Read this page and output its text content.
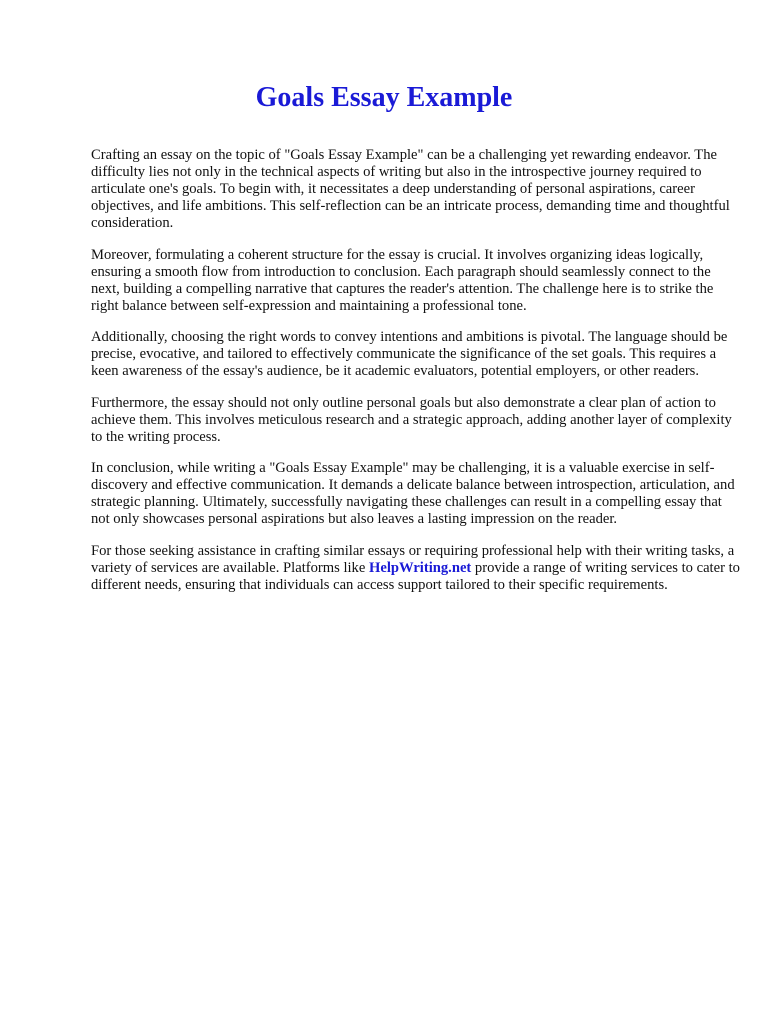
Goals Essay Example

Crafting an essay on the topic of "Goals Essay Example" can be a challenging yet rewarding endeavor. The difficulty lies not only in the technical aspects of writing but also in the introspective journey required to articulate one's goals. To begin with, it necessitates a deep understanding of personal aspirations, career objectives, and life ambitions. This self-reflection can be an intricate process, demanding time and thoughtful consideration.

Moreover, formulating a coherent structure for the essay is crucial. It involves organizing ideas logically, ensuring a smooth flow from introduction to conclusion. Each paragraph should seamlessly connect to the next, building a compelling narrative that captures the reader's attention. The challenge here is to strike the right balance between self-expression and maintaining a professional tone.

Additionally, choosing the right words to convey intentions and ambitions is pivotal. The language should be precise, evocative, and tailored to effectively communicate the significance of the set goals. This requires a keen awareness of the essay's audience, be it academic evaluators, potential employers, or other readers.

Furthermore, the essay should not only outline personal goals but also demonstrate a clear plan of action to achieve them. This involves meticulous research and a strategic approach, adding another layer of complexity to the writing process.

In conclusion, while writing a "Goals Essay Example" may be challenging, it is a valuable exercise in self-discovery and effective communication. It demands a delicate balance between introspection, articulation, and strategic planning. Ultimately, successfully navigating these challenges can result in a compelling essay that not only showcases personal aspirations but also leaves a lasting impression on the reader.

For those seeking assistance in crafting similar essays or requiring professional help with their writing tasks, a variety of services are available. Platforms like HelpWriting.net provide a range of writing services to cater to different needs, ensuring that individuals can access support tailored to their specific requirements.
